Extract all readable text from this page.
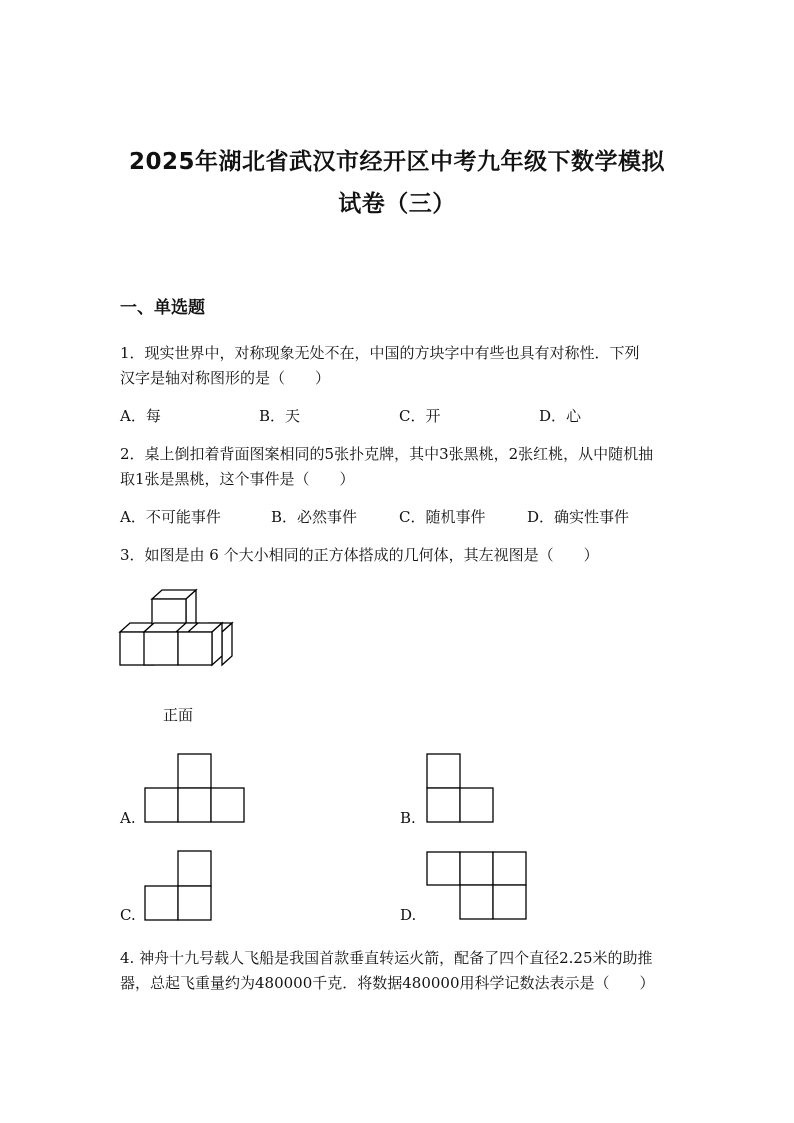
2025年湖北省武汉市经开区中考九年级下数学模拟
试卷（三）
一、单选题
1．现实世界中，对称现象无处不在，中国的方块字中有些也具有对称性．下列
汉字是轴对称图形的是（　　）
A．每	B．天	C．开	D．心
2．桌上倒扣着背面图案相同的5张扑克牌，其中3张黑桃，2张红桃，从中随机抽
取1张是黑桃，这个事件是（　　）
A．不可能事件	B．必然事件	C．随机事件	D．确实性事件
3．如图是由 6 个大小相同的正方体搭成的几何体，其左视图是（　　）
正面
A.	B.
C.	D.
4. 神舟十九号载人飞船是我国首款垂直转运火箭，配备了四个直径2.25米的助推
器，总起飞重量约为480000千克．将数据480000用科学记数法表示是（　　）
